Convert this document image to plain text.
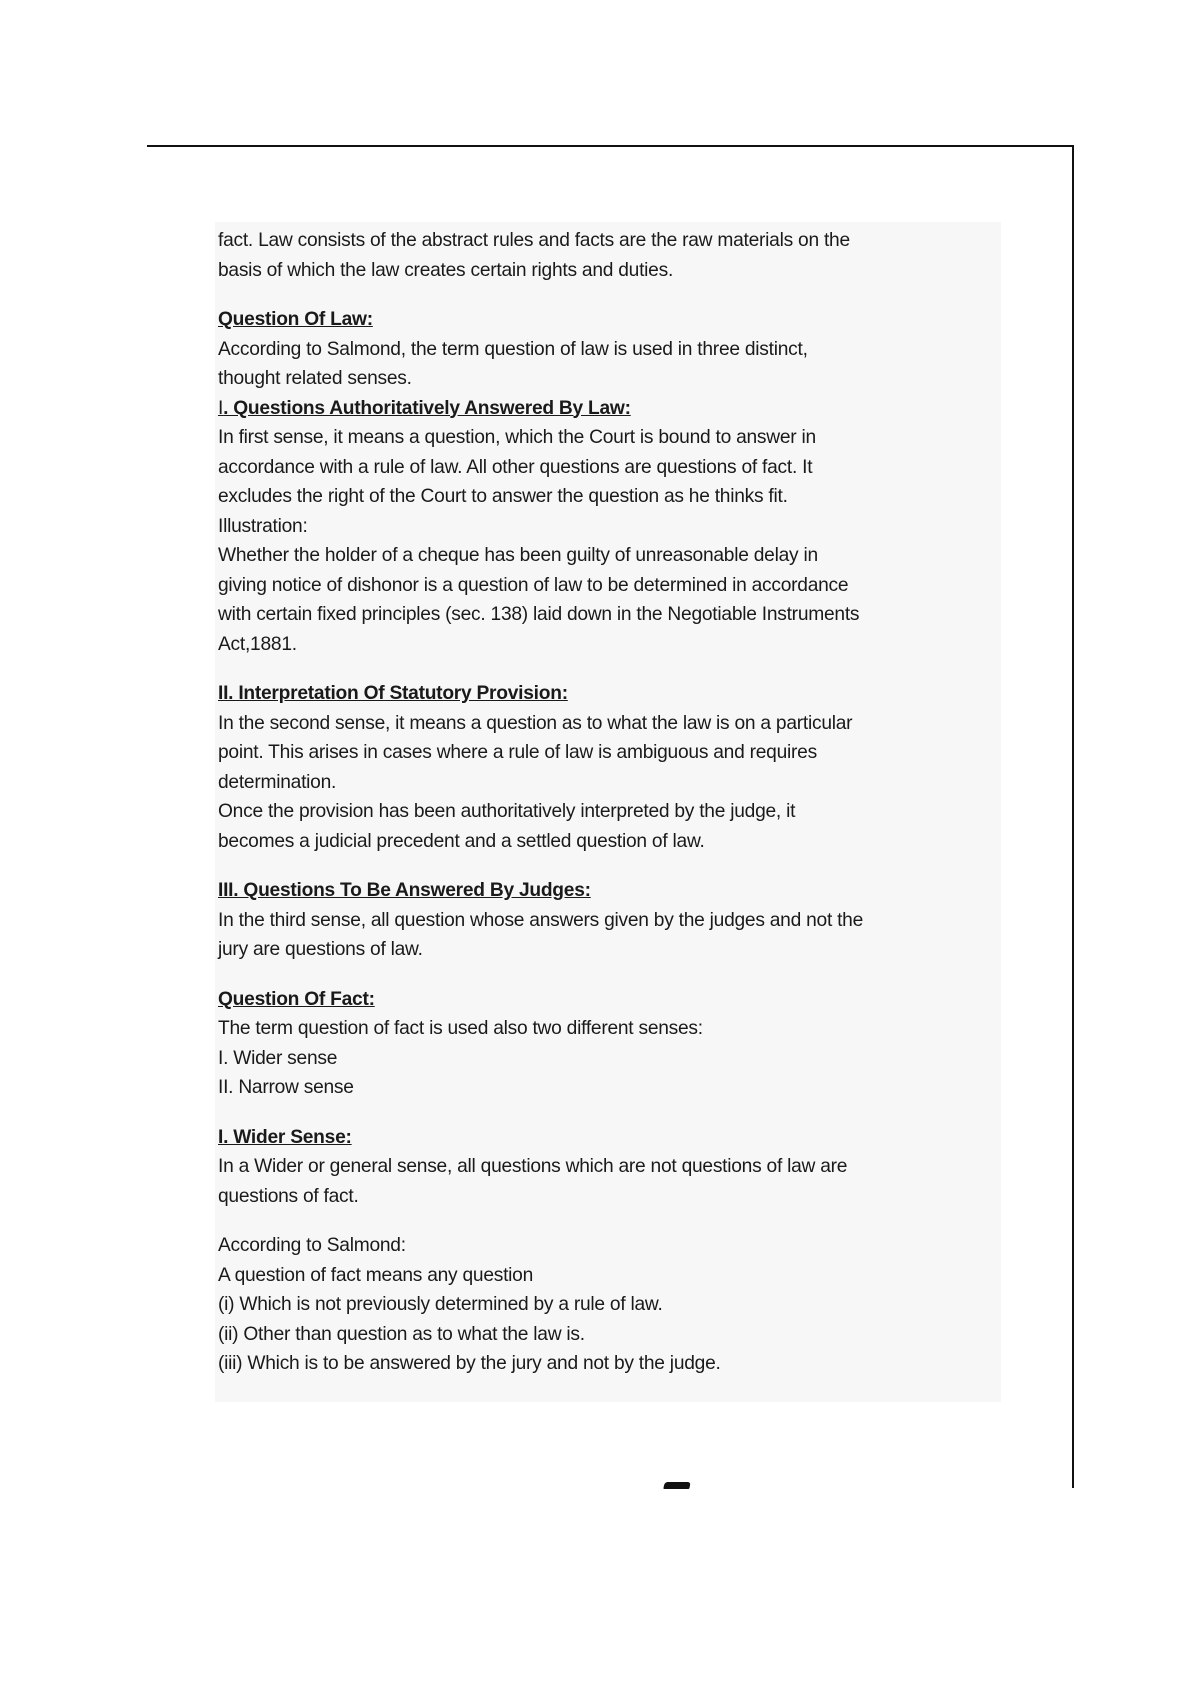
fact. Law consists of the abstract rules and facts are the raw materials on the

basis of which the law creates certain rights and duties.

Question Of Law:

According to Salmond, the term question of law is used in three distinct,

thought related senses.

I. Questions Authoritatively Answered By Law:

In first sense, it means a question, which the Court is bound to answer in

accordance with a rule of law. All other questions are questions of fact. It

excludes the right of the Court to answer the question as he thinks fit.

Illustration:

Whether the holder of a cheque has been guilty of unreasonable delay in

giving notice of dishonor is a question of law to be determined in accordance

with certain fixed principles (sec. 138) laid down in the Negotiable Instruments

Act,1881.

II. Interpretation Of Statutory Provision:

In the second sense, it means a question as to what the law is on a particular

point. This arises in cases where a rule of law is ambiguous and requires

determination.

Once the provision has been authoritatively interpreted by the judge, it

becomes a judicial precedent and a settled question of law.

III. Questions To Be Answered By Judges:

In the third sense, all question whose answers given by the judges and not the

jury are questions of law.

Question Of Fact:

The term question of fact is used also two different senses:

I. Wider sense

II. Narrow sense

I. Wider Sense:

In a Wider or general sense, all questions which are not questions of law are

questions of fact.

According to Salmond:

A question of fact means any question

(i) Which is not previously determined by a rule of law.

(ii) Other than question as to what the law is.

(iii) Which is to be answered by the jury and not by the judge.
